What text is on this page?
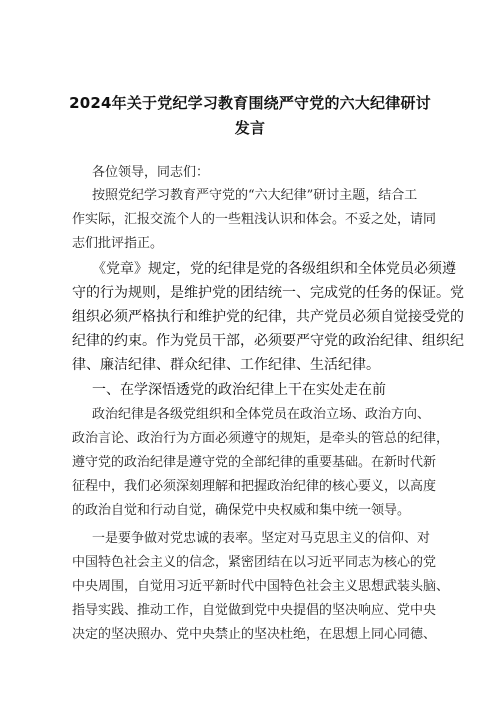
2024年关于党纪学习教育围绕严守党的六大纪律研讨
发言
各位领导，同志们：
按照党纪学习教育严守党的“六大纪律”研讨主题，结合工
作实际，汇报交流个人的一些粗浅认识和体会。不妥之处，请同
志们批评指正。
《党章》规定，党的纪律是党的各级组织和全体党员必须遵
守的行为规则，是维护党的团结统一、完成党的任务的保证。党
组织必须严格执行和维护党的纪律，共产党员必须自觉接受党的
纪律的约束。作为党员干部，必须要严守党的政治纪律、组织纪
律、廉洁纪律、群众纪律、工作纪律、生活纪律。
一、在学深悟透党的政治纪律上干在实处走在前
政治纪律是各级党组织和全体党员在政治立场、政治方向、
政治言论、政治行为方面必须遵守的规矩，是牵头的管总的纪律，
遵守党的政治纪律是遵守党的全部纪律的重要基础。在新时代新
征程中，我们必须深刻理解和把握政治纪律的核心要义，以高度
的政治自觉和行动自觉，确保党中央权威和集中统一领导。
一是要争做对党忠诚的表率。坚定对马克思主义的信仰、对
中国特色社会主义的信念，紧密团结在以习近平同志为核心的党
中央周围，自觉用习近平新时代中国特色社会主义思想武装头脑、
指导实践、推动工作，自觉做到党中央提倡的坚决响应、党中央
决定的坚决照办、党中央禁止的坚决杜绝，在思想上同心同德、
